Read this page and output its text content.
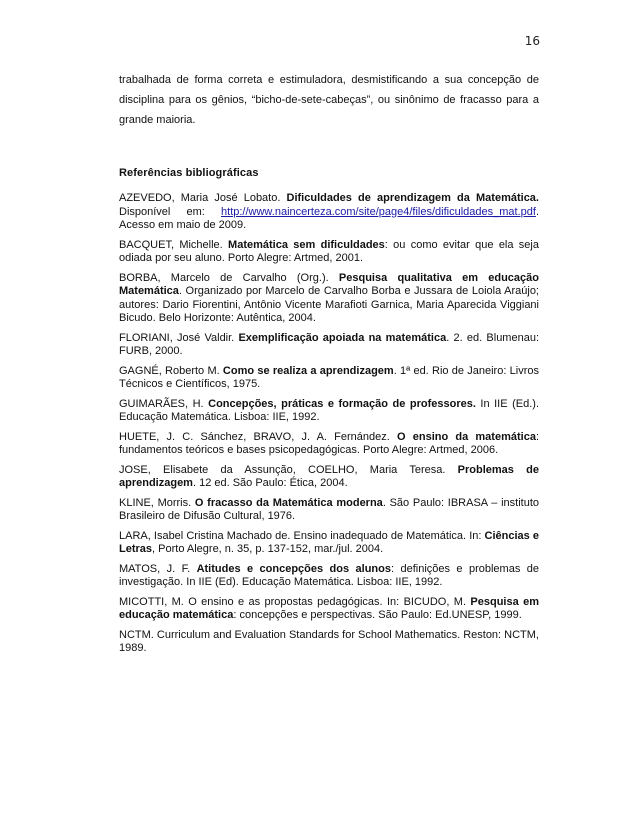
16

trabalhada de forma correta e estimuladora, desmistificando a sua concepção de disciplina para os gênios, “bicho-de-sete-cabeças”, ou sinônimo de fracasso para a grande maioria.

Referências bibliográficas

AZEVEDO, Maria José Lobato. Dificuldades de aprendizagem da Matemática. Disponível em: http://www.naincerteza.com/site/page4/files/dificuldades_mat.pdf. Acesso em maio de 2009.

BACQUET, Michelle. Matemática sem dificuldades: ou como evitar que ela seja odiada por seu aluno. Porto Alegre: Artmed, 2001.

BORBA, Marcelo de Carvalho (Org.). Pesquisa qualitativa em educação Matemática. Organizado por Marcelo de Carvalho Borba e Jussara de Loiola Araújo; autores: Dario Fiorentini, Antônio Vicente Marafioti Garnica, Maria Aparecida Viggiani Bicudo. Belo Horizonte: Autêntica, 2004.

FLORIANI, José Valdir. Exemplificação apoiada na matemática. 2. ed. Blumenau: FURB, 2000.

GAGNÉ, Roberto M. Como se realiza a aprendizagem. 1ª ed. Rio de Janeiro: Livros Técnicos e Científicos, 1975.

GUIMARÃES, H. Concepções, práticas e formação de professores. In IIE (Ed.). Educação Matemática. Lisboa: IIE, 1992.

HUETE, J. C. Sánchez, BRAVO, J. A. Fernández. O ensino da matemática: fundamentos teóricos e bases psicopedagógicas. Porto Alegre: Artmed, 2006.

JOSE, Elisabete da Assunção, COELHO, Maria Teresa. Problemas de aprendizagem. 12 ed. São Paulo: Ética, 2004.

KLINE, Morris. O fracasso da Matemática moderna. São Paulo: IBRASA – instituto Brasileiro de Difusão Cultural, 1976.

LARA, Isabel Cristina Machado de. Ensino inadequado de Matemática. In: Ciências e Letras, Porto Alegre, n. 35, p. 137-152, mar./jul. 2004.

MATOS, J. F. Atitudes e concepções dos alunos: definições e problemas de investigação. In IIE (Ed). Educação Matemática. Lisboa: IIE, 1992.

MICOTTI, M. O ensino e as propostas pedagógicas. In: BICUDO, M. Pesquisa em educação matemática: concepções e perspectivas. São Paulo: Ed.UNESP, 1999.

NCTM. Curriculum and Evaluation Standards for School Mathematics. Reston: NCTM, 1989.
